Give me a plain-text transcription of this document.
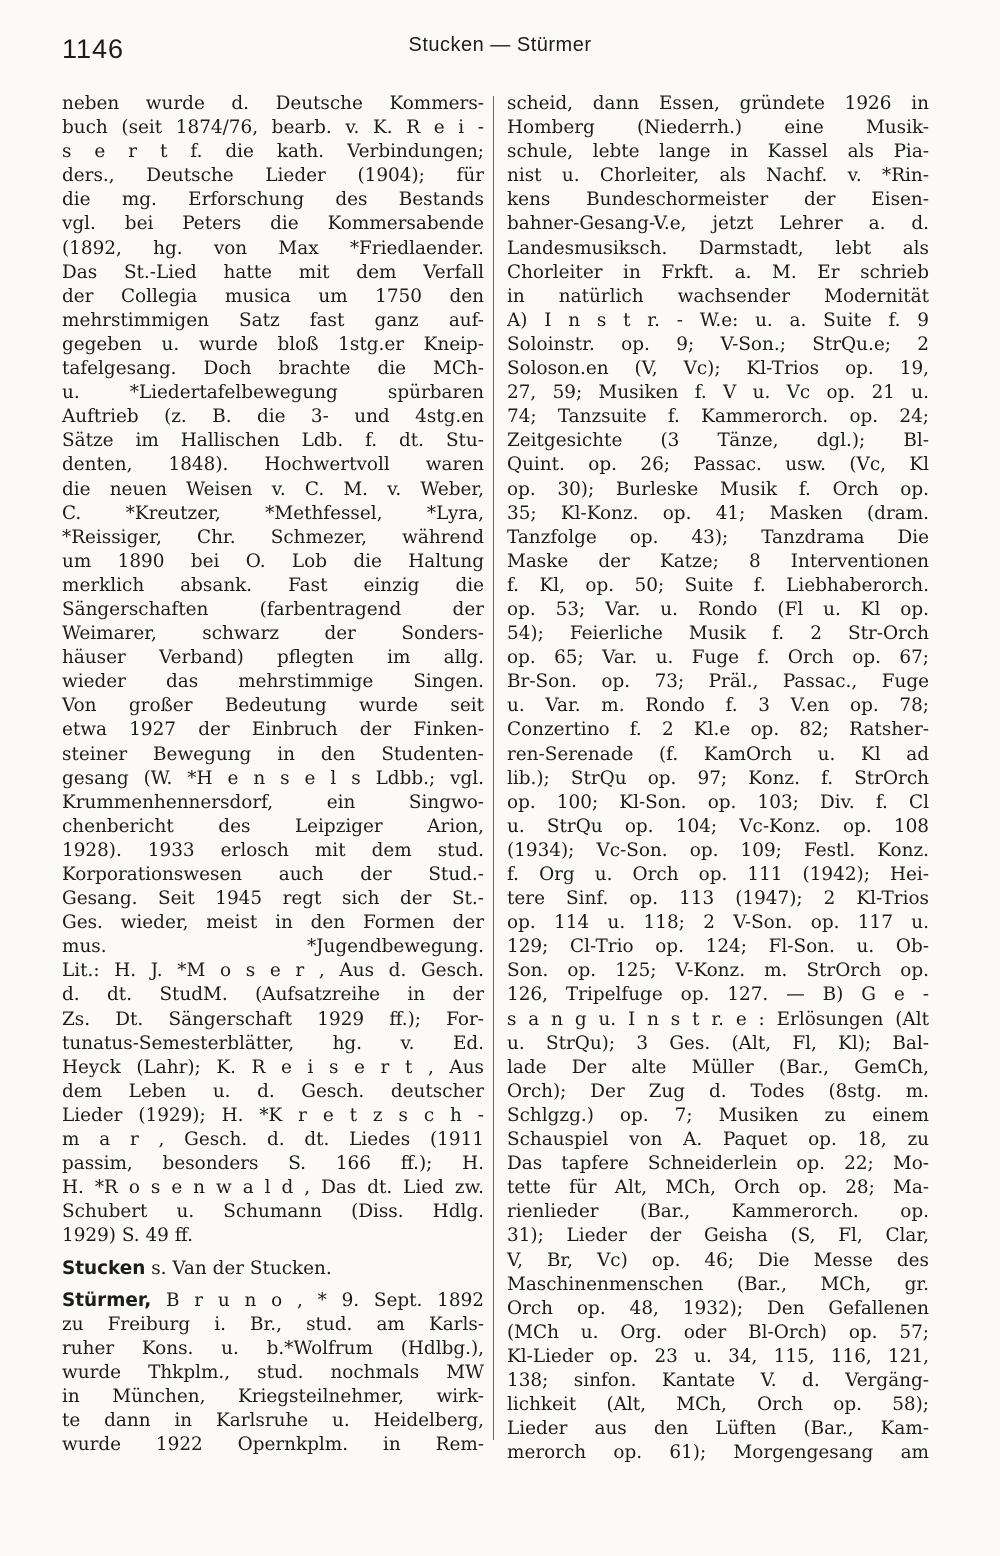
1146	Stucken — Stürmer
neben wurde d. Deutsche Kommers-
buch (seit 1874/76, bearb. v. K. R e i -
s e r t f. die kath. Verbindungen;
ders., Deutsche Lieder (1904); für
die mg. Erforschung des Bestands
vgl. bei Peters die Kommersabende
(1892, hg. von Max *Friedlaender.
Das St.-Lied hatte mit dem Verfall
der Collegia musica um 1750 den
mehrstimmigen Satz fast ganz auf-
gegeben u. wurde bloß 1stg.er Kneip-
tafelgesang. Doch brachte die MCh-
u. *Liedertafelbewegung spürbaren
Auftrieb (z. B. die 3- und 4stg.en
Sätze im Hallischen Ldb. f. dt. Stu-
denten, 1848). Hochwertvoll waren
die neuen Weisen v. C. M. v. Weber,
C. *Kreutzer, *Methfessel, *Lyra,
*Reissiger, Chr. Schmezer, während
um 1890 bei O. Lob die Haltung
merklich absank. Fast einzig die
Sängerschaften (farbentragend der
Weimarer, schwarz der Sonders-
häuser Verband) pflegten im allg.
wieder das mehrstimmige Singen.
Von großer Bedeutung wurde seit
etwa 1927 der Einbruch der Finken-
steiner Bewegung in den Studenten-
gesang (W. *H e n s e l s Ldbb.; vgl.
Krummenhennersdorf, ein Singwo-
chenbericht des Leipziger Arion,
1928). 1933 erlosch mit dem stud.
Korporationswesen auch der Stud.-
Gesang. Seit 1945 regt sich der St.-
Ges. wieder, meist in den Formen der
mus. *Jugendbewegung.
Lit.: H. J. *M o s e r , Aus d. Gesch.
d. dt. StudM. (Aufsatzreihe in der
Zs. Dt. Sängerschaft 1929 ff.); For-
tunatus-Semesterblätter, hg. v. Ed.
Heyck (Lahr); K. R e i s e r t , Aus
dem Leben u. d. Gesch. deutscher
Lieder (1929); H. *K r e t z s c h -
m a r , Gesch. d. dt. Liedes (1911
passim, besonders S. 166 ff.); H.
H. *R o s e n w a l d , Das dt. Lied zw.
Schubert u. Schumann (Diss. Hdlg.
1929) S. 49 ff.
Stucken s. Van der Stucken.
Stürmer, B r u n o , * 9. Sept. 1892
zu Freiburg i. Br., stud. am Karls-
ruher Kons. u. b.*Wolfrum (Hdlbg.),
wurde Thkplm., stud. nochmals MW
in München, Kriegsteilnehmer, wirk-
te dann in Karlsruhe u. Heidelberg,
wurde 1922 Opernkplm. in Rem-
scheid, dann Essen, gründete 1926 in
Homberg (Niederrh.) eine Musik-
schule, lebte lange in Kassel als Pia-
nist u. Chorleiter, als Nachf. v. *Rin-
kens Bundeschormeister der Eisen-
bahner-Gesang-V.e, jetzt Lehrer a. d.
Landesmusiksch. Darmstadt, lebt als
Chorleiter in Frkft. a. M. Er schrieb
in natürlich wachsender Modernität
A) I n s t r. - W.e: u. a. Suite f. 9
Soloinstr. op. 9; V-Son.; StrQu.e; 2
Soloson.en (V, Vc); Kl-Trios op. 19,
27, 59; Musiken f. V u. Vc op. 21 u.
74; Tanzsuite f. Kammerorch. op. 24;
Zeitgesichte (3 Tänze, dgl.); Bl-
Quint. op. 26; Passac. usw. (Vc, Kl
op. 30); Burleske Musik f. Orch op.
35; Kl-Konz. op. 41; Masken (dram.
Tanzfolge op. 43); Tanzdrama Die
Maske der Katze; 8 Interventionen
f. Kl, op. 50; Suite f. Liebhaberorch.
op. 53; Var. u. Rondo (Fl u. Kl op.
54); Feierliche Musik f. 2 Str-Orch
op. 65; Var. u. Fuge f. Orch op. 67;
Br-Son. op. 73; Präl., Passac., Fuge
u. Var. m. Rondo f. 3 V.en op. 78;
Conzertino f. 2 Kl.e op. 82; Ratsher-
ren-Serenade (f. KamOrch u. Kl ad
lib.); StrQu op. 97; Konz. f. StrOrch
op. 100; Kl-Son. op. 103; Div. f. Cl
u. StrQu op. 104; Vc-Konz. op. 108
(1934); Vc-Son. op. 109; Festl. Konz.
f. Org u. Orch op. 111 (1942); Hei-
tere Sinf. op. 113 (1947); 2 Kl-Trios
op. 114 u. 118; 2 V-Son. op. 117 u.
129; Cl-Trio op. 124; Fl-Son. u. Ob-
Son. op. 125; V-Konz. m. StrOrch op.
126, Tripelfuge op. 127. — B) G e -
s a n g u. I n s t r. e : Erlösungen (Alt
u. StrQu); 3 Ges. (Alt, Fl, Kl); Bal-
lade Der alte Müller (Bar., GemCh,
Orch); Der Zug d. Todes (8stg. m.
Schlgzg.) op. 7; Musiken zu einem
Schauspiel von A. Paquet op. 18, zu
Das tapfere Schneiderlein op. 22; Mo-
tette für Alt, MCh, Orch op. 28; Ma-
rienlieder (Bar., Kammerorch. op.
31); Lieder der Geisha (S, Fl, Clar,
V, Br, Vc) op. 46; Die Messe des
Maschinenmenschen (Bar., MCh, gr.
Orch op. 48, 1932); Den Gefallenen
(MCh u. Org. oder Bl-Orch) op. 57;
Kl-Lieder op. 23 u. 34, 115, 116, 121,
138; sinfon. Kantate V. d. Vergäng-
lichkeit (Alt, MCh, Orch op. 58);
Lieder aus den Lüften (Bar., Kam-
merorch op. 61); Morgengesang am
